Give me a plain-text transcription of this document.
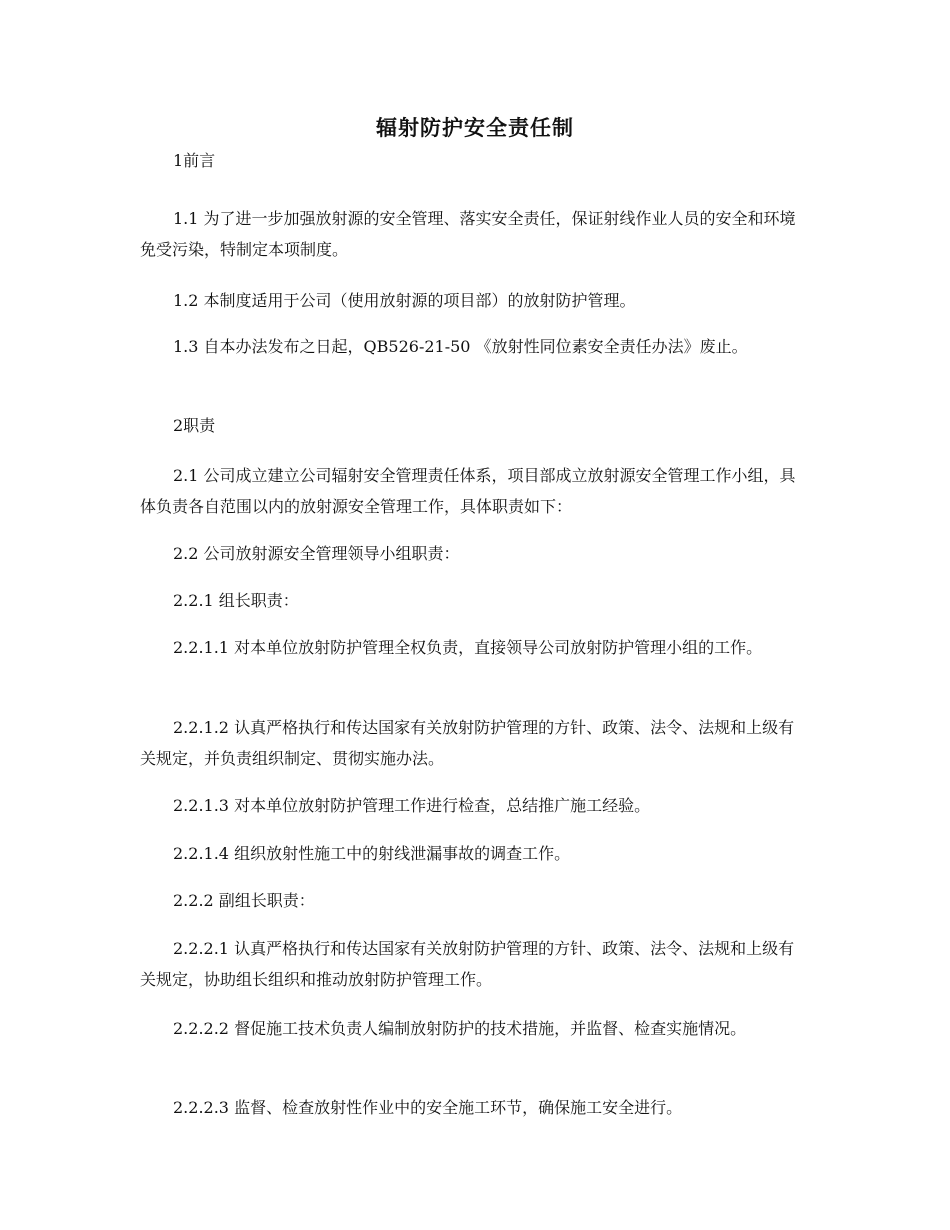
辐射防护安全责任制

1前言

1.1 为了进一步加强放射源的安全管理、落实安全责任，保证射线作业人员的安全和环境免受污染，特制定本项制度。

1.2 本制度适用于公司（使用放射源的项目部）的放射防护管理。

1.3 自本办法发布之日起，QB526-21-50 《放射性同位素安全责任办法》废止。

2职责

2.1 公司成立建立公司辐射安全管理责任体系，项目部成立放射源安全管理工作小组，具体负责各自范围以内的放射源安全管理工作，具体职责如下：

2.2 公司放射源安全管理领导小组职责：

2.2.1 组长职责：

2.2.1.1 对本单位放射防护管理全权负责，直接领导公司放射防护管理小组的工作。

2.2.1.2 认真严格执行和传达国家有关放射防护管理的方针、政策、法令、法规和上级有关规定，并负责组织制定、贯彻实施办法。

2.2.1.3 对本单位放射防护管理工作进行检查，总结推广施工经验。

2.2.1.4 组织放射性施工中的射线泄漏事故的调查工作。

2.2.2 副组长职责：

2.2.2.1 认真严格执行和传达国家有关放射防护管理的方针、政策、法令、法规和上级有关规定，协助组长组织和推动放射防护管理工作。

2.2.2.2 督促施工技术负责人编制放射防护的技术措施，并监督、检查实施情况。

2.2.2.3 监督、检查放射性作业中的安全施工环节，确保施工安全进行。
